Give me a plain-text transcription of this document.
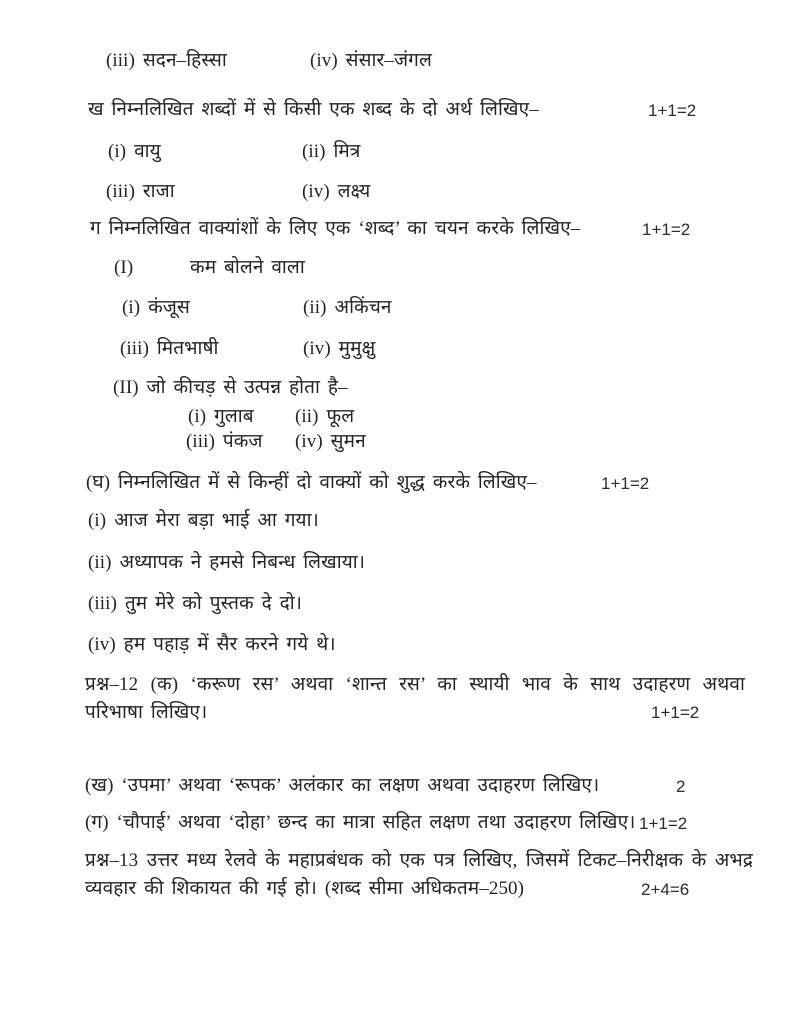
(iii) सदन–हिस्सा	(iv) संसार–जंगल
ख निम्नलिखित शब्दों में से किसी एक शब्द के दो अर्थ लिखिए–	1+1=2
(i) वायु	(ii) मित्र
(iii) राजा	(iv) लक्ष्य
ग निम्नलिखित वाक्यांशों के लिए एक ‘शब्द’ का चयन करके लिखिए–	1+1=2
(I)	कम बोलने वाला
(i) कंजूस	(ii) अकिंचन
(iii) मितभाषी	(iv) मुमुक्षु
(II) जो कीचड़ से उत्पन्न होता है–
(i) गुलाब (ii) फूल
(iii) पंकज (iv) सुमन
(घ) निम्नलिखित में से किन्हीं दो वाक्यों को शुद्ध करके लिखिए–	1+1=2
(i) आज मेरा बड़ा भाई आ गया।
(ii) अध्यापक ने हमसे निबन्ध लिखाया।
(iii) तुम मेरे को पुस्तक दे दो।
(iv) हम पहाड़ में सैर करने गये थे।
प्रश्न–12 (क) ‘करूण रस’ अथवा ‘शान्त रस’ का स्थायी भाव के साथ उदाहरण अथवा परिभाषा लिखिए।	1+1=2
(ख) ‘उपमा’ अथवा ‘रूपक’ अलंकार का लक्षण अथवा उदाहरण लिखिए।	2
(ग) ‘चौपाई’ अथवा ‘दोहा’ छन्द का मात्रा सहित लक्षण तथा उदाहरण लिखिए। 1+1=2
प्रश्न–13 उत्तर मध्य रेलवे के महाप्रबंधक को एक पत्र लिखिए, जिसमें टिकट–निरीक्षक के अभद्र व्यवहार की शिकायत की गई हो। (शब्द सीमा अधिकतम–250)	2+4=6
